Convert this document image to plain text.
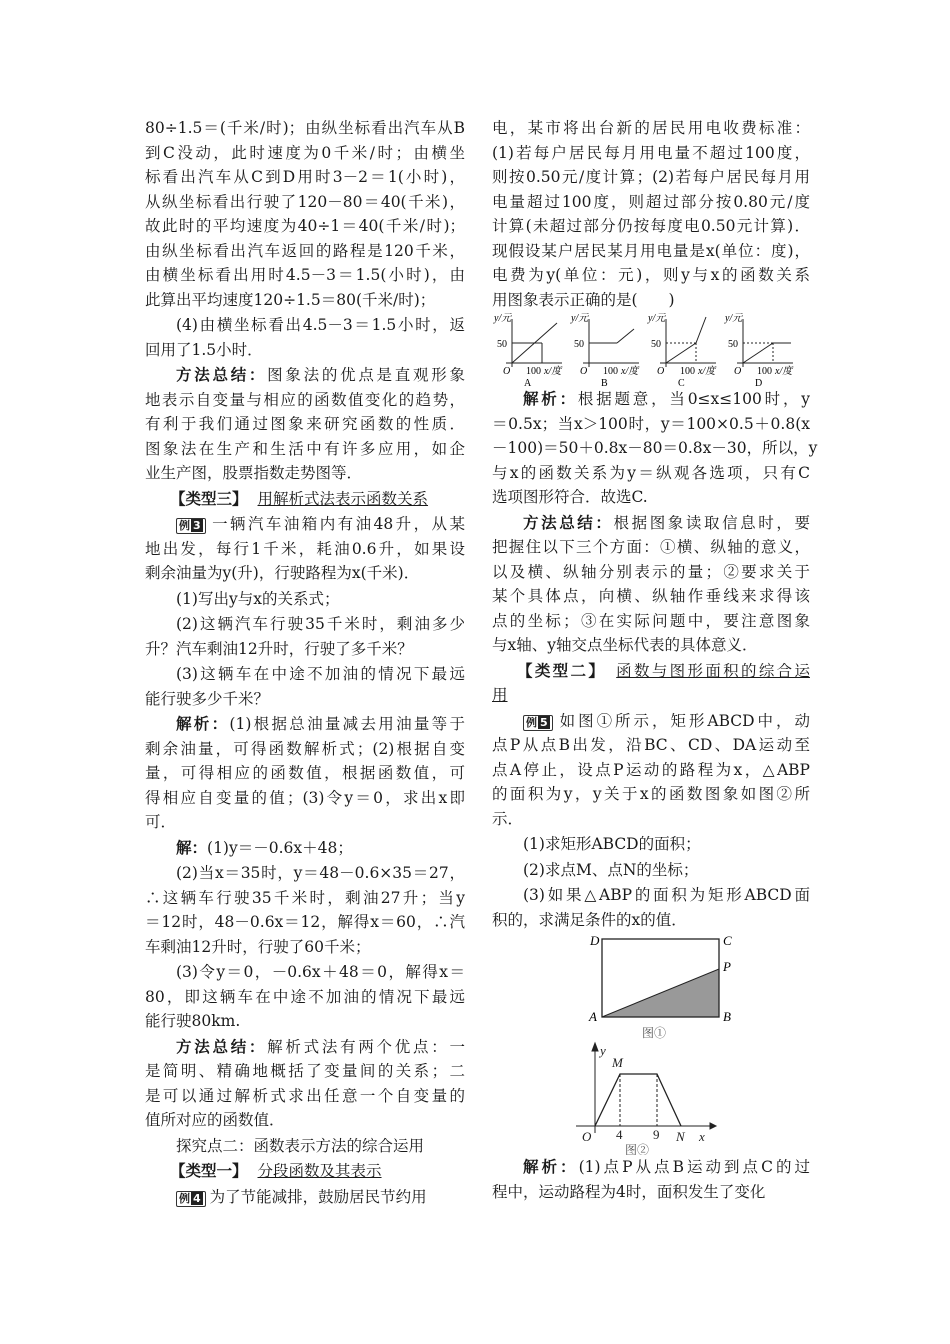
80÷1.5＝(千米/时)；由纵坐标看出汽车从B
到C没动，此时速度为0千米/时；由横坐
标看出汽车从C到D用时3－2＝1(小时)，
从纵坐标看出行驶了120－80＝40(千米)，
故此时的平均速度为40÷1＝40(千米/时)；
由纵坐标看出汽车返回的路程是120千米，
由横坐标看出用时4.5－3＝1.5(小时)，由
此算出平均速度120÷1.5＝80(千米/时)；
(4)由横坐标看出4.5－3＝1.5小时，返
回用了1.5小时．
方法总结：图象法的优点是直观形象
地表示自变量与相应的函数值变化的趋势，
有利于我们通过图象来研究函数的性质．
图象法在生产和生活中有许多应用，如企
业生产图，股票指数走势图等．
【类型三】 用解析式法表示函数关系
例 3 一辆汽车油箱内有油48升，从某
地出发，每行1千米，耗油0.6升，如果设
剩余油量为y(升)，行驶路程为x(千米)．
(1)写出y与x的关系式；
(2)这辆汽车行驶35千米时，剩油多少
升？汽车剩油12升时，行驶了多千米？
(3)这辆车在中途不加油的情况下最远
能行驶多少千米？
解析：(1)根据总油量减去用油量等于
剩余油量，可得函数解析式；(2)根据自变
量，可得相应的函数值，根据函数值，可
得相应自变量的值；(3)令y＝0，求出x即
可．
解：(1)y＝－0.6x＋48；
(2)当x＝35时，y＝48－0.6×35＝27，
∴这辆车行驶35千米时，剩油27升；当y
＝12时，48－0.6x＝12，解得x＝60，∴汽
车剩油12升时，行驶了60千米；
(3)令y＝0，－0.6x＋48＝0，解得x＝
80，即这辆车在中途不加油的情况下最远
能行驶80km.
方法总结：解析式法有两个优点：一
是简明、精确地概括了变量间的关系；二
是可以通过解析式求出任意一个自变量的
值所对应的函数值．
探究点二：函数表示方法的综合运用
【类型一】 分段函数及其表示
例 4 为了节能减排，鼓励居民节约用
电，某市将出台新的居民用电收费标准：
(1)若每户居民每月用电量不超过100度，
则按0.50元/度计算；(2)若每户居民每月用
电量超过100度，则超过部分按0.80元/度
计算(未超过部分仍按每度电0.50元计算)．
现假设某户居民某月用电量是x(单位：度)，
电费为y(单位：元)，则y与x的函数关系
用图象表示正确的是(　　)
y/元
50
O 100 x/度
A
y/元
50
O 100 x/度
B
y/元
50
O 100 x/度
C
y/元
50
O 100 x/度
D
解析：根据题意，当0≤x≤100时，y
＝0.5x；当x＞100时，y＝100×0.5＋0.8(x
－100)＝50＋0.8x－80＝0.8x－30，所以，y
与x的函数关系为y＝纵观各选项，只有C
选项图形符合．故选C.
方法总结：根据图象读取信息时，要
把握住以下三个方面：①横、纵轴的意义，
以及横、纵轴分别表示的量；②要求关于
某个具体点，向横、纵轴作垂线来求得该
点的坐标；③在实际问题中，要注意图象
与x轴、y轴交点坐标代表的具体意义．
【类型二】 函数与图形面积的综合运
用
例 5 如图①所示，矩形ABCD中，动
点P从点B出发，沿BC、CD、DA运动至
点A停止，设点P运动的路程为x，△ABP
的面积为y，y关于x的函数图象如图②所
示．
(1)求矩形ABCD的面积；
(2)求点M、点N的坐标；
(3)如果△ABP的面积为矩形ABCD面
积的，求满足条件的x的值．
D	C
P
A	B
图①
y
M
O 4 9 N x
图②
解析：(1)点P从点B运动到点C的过
程中，运动路程为4时，面积发生了变化
